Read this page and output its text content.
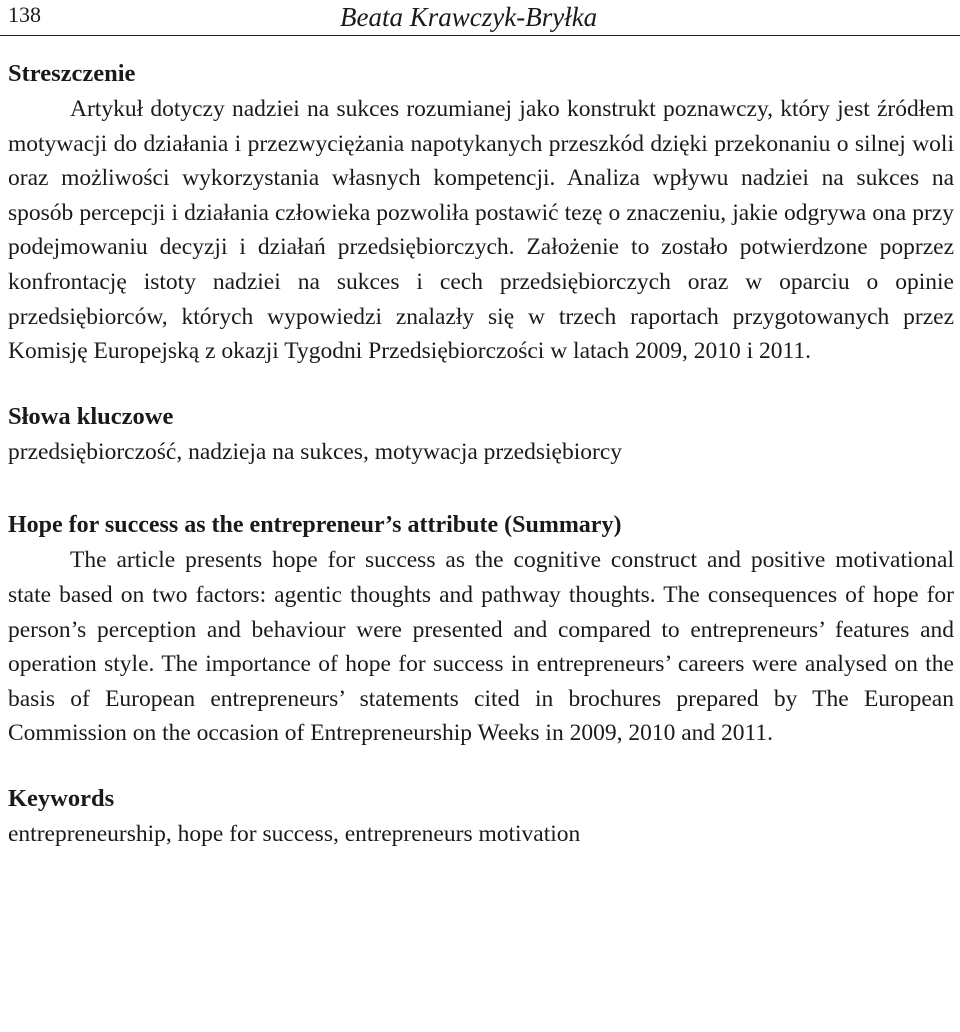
138	Beata Krawczyk-Bryłka
Streszczenie

Artykuł dotyczy nadziei na sukces rozumianej jako konstrukt poznawczy, który jest źródłem motywacji do działania i przezwyciężania napotykanych przeszkód dzięki przekonaniu o silnej woli oraz możliwości wykorzystania własnych kompetencji. Analiza wpływu nadziei na sukces na sposób percepcji i działania człowieka pozwoliła postawić tezę o znaczeniu, jakie odgrywa ona przy podejmowaniu decyzji i działań przedsiębiorczych. Założenie to zostało potwierdzone poprzez konfrontację istoty nadziei na sukces i cech przedsiębiorczych oraz w oparciu o opinie przedsiębiorców, których wypowiedzi znalazły się w trzech raportach przygotowanych przez Komisję Europejską z okazji Tygodni Przedsiębiorczości w latach 2009, 2010 i 2011.

Słowa kluczowe

przedsiębiorczość, nadzieja na sukces, motywacja przedsiębiorcy

Hope for success as the entrepreneur’s attribute (Summary)

The article presents hope for success as the cognitive construct and positive motivational state based on two factors: agentic thoughts and pathway thoughts. The consequences of hope for person’s perception and behaviour were presented and compared to entrepreneurs’ features and operation style. The importance of hope for success in entrepreneurs’ careers were analysed on the basis of European entrepreneurs’ statements cited in brochures prepared by The European Commission on the occasion of Entrepreneurship Weeks in 2009, 2010 and 2011.

Keywords

entrepreneurship, hope for success, entrepreneurs motivation
